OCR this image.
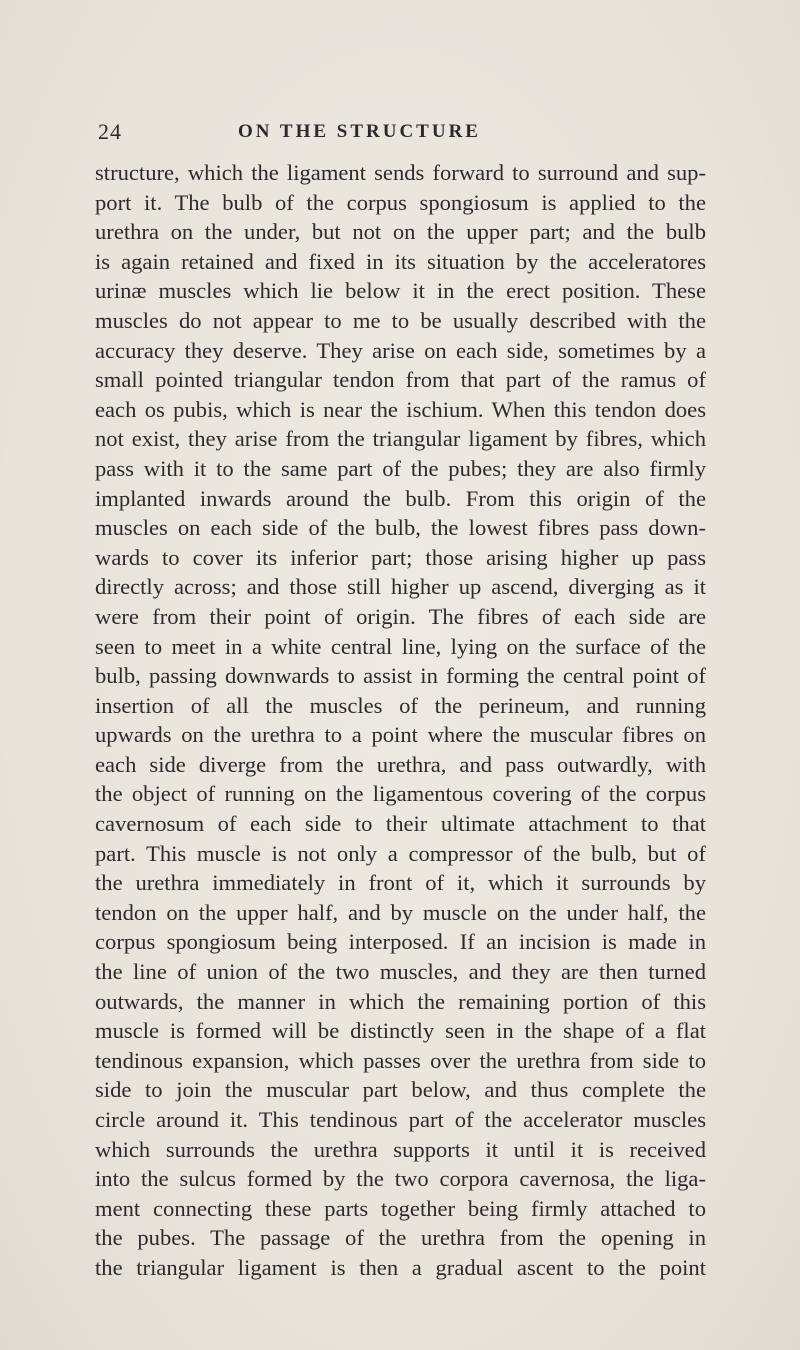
24	ON THE STRUCTURE
structure, which the ligament sends forward to surround and sup-
port it. The bulb of the corpus spongiosum is applied to the
urethra on the under, but not on the upper part; and the bulb
is again retained and fixed in its situation by the acceleratores
urinæ muscles which lie below it in the erect position. These
muscles do not appear to me to be usually described with the
accuracy they deserve. They arise on each side, sometimes by a
small pointed triangular tendon from that part of the ramus of
each os pubis, which is near the ischium. When this tendon does
not exist, they arise from the triangular ligament by fibres, which
pass with it to the same part of the pubes; they are also firmly
implanted inwards around the bulb. From this origin of the
muscles on each side of the bulb, the lowest fibres pass down-
wards to cover its inferior part; those arising higher up pass
directly across; and those still higher up ascend, diverging as it
were from their point of origin. The fibres of each side are
seen to meet in a white central line, lying on the surface of the
bulb, passing downwards to assist in forming the central point of
insertion of all the muscles of the perineum, and running
upwards on the urethra to a point where the muscular fibres on
each side diverge from the urethra, and pass outwardly, with
the object of running on the ligamentous covering of the corpus
cavernosum of each side to their ultimate attachment to that
part. This muscle is not only a compressor of the bulb, but of
the urethra immediately in front of it, which it surrounds by
tendon on the upper half, and by muscle on the under half, the
corpus spongiosum being interposed. If an incision is made in
the line of union of the two muscles, and they are then turned
outwards, the manner in which the remaining portion of this
muscle is formed will be distinctly seen in the shape of a flat
tendinous expansion, which passes over the urethra from side to
side to join the muscular part below, and thus complete the
circle around it. This tendinous part of the accelerator muscles
which surrounds the urethra supports it until it is received
into the sulcus formed by the two corpora cavernosa, the liga-
ment connecting these parts together being firmly attached to
the pubes. The passage of the urethra from the opening in
the triangular ligament is then a gradual ascent to the point
